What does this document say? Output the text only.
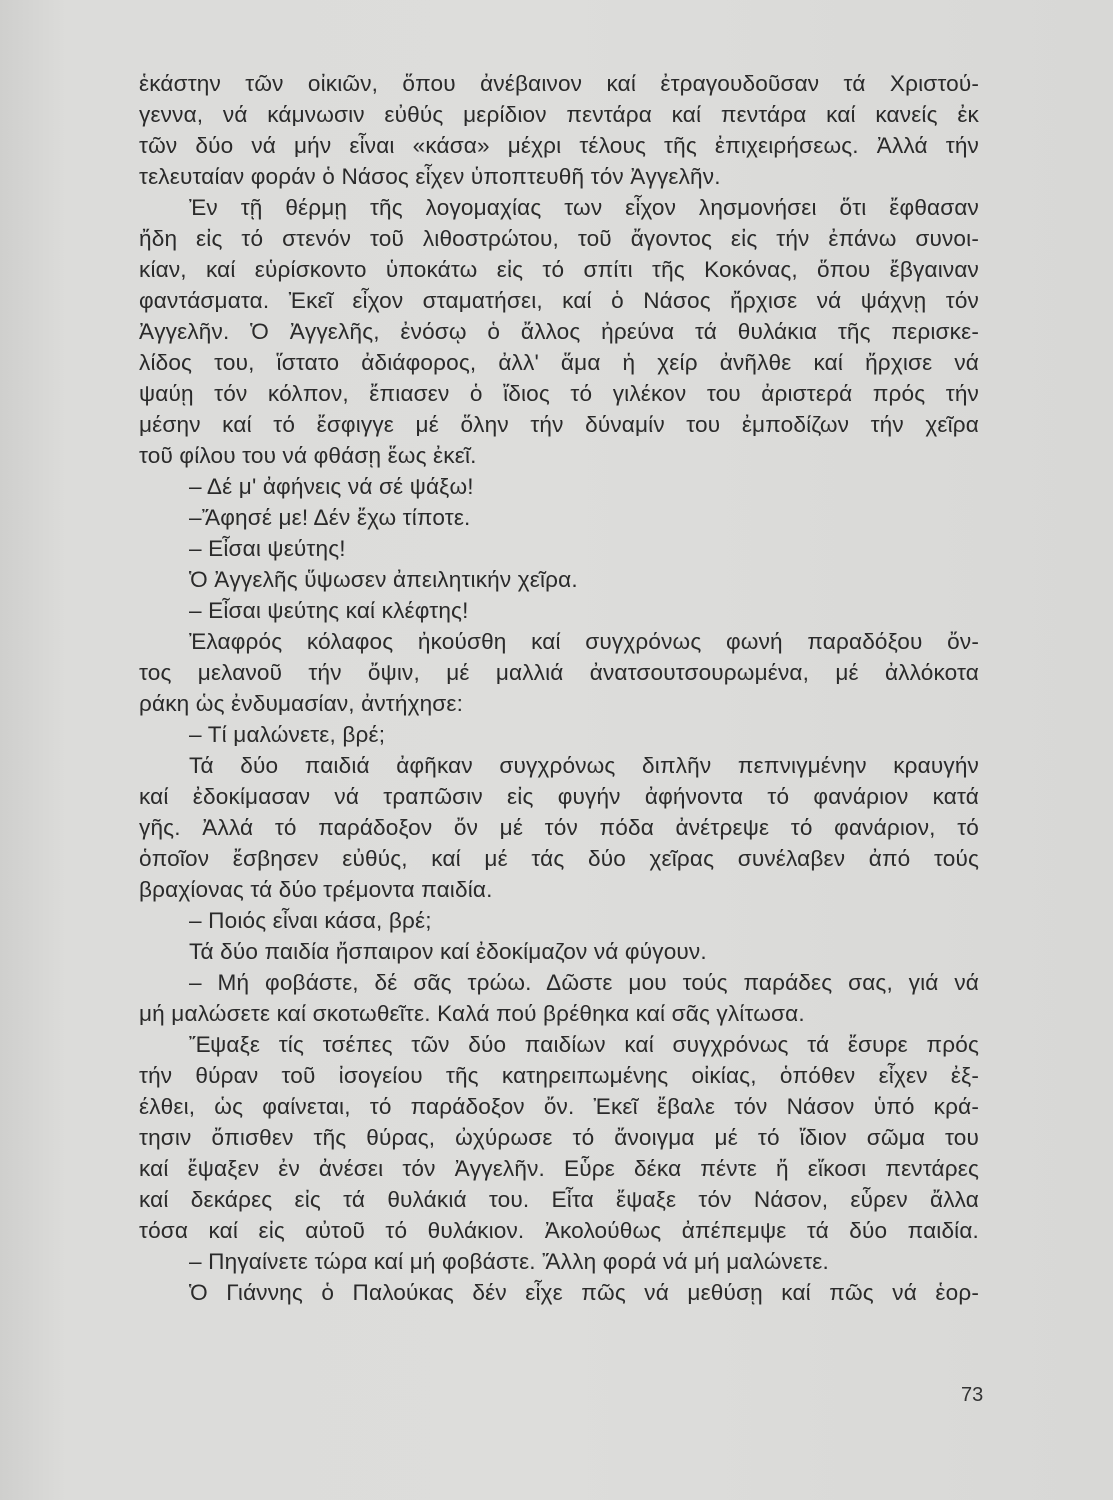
ἑκάστην τῶν οἰκιῶν, ὅπου ἀνέβαινον καί ἐτραγουδοῦσαν τά Χριστού-
γεννα, νά κάμνωσιν εὐθύς μερίδιον πεντάρα καί πεντάρα καί κανείς ἐκ
τῶν δύο νά μήν εἶναι «κάσα» μέχρι τέλους τῆς ἐπιχειρήσεως. Ἀλλά τήν
τελευταίαν φοράν ὁ Νάσος εἶχεν ὑποπτευθῆ τόν Ἀγγελῆν.
Ἐν τῇ θέρμῃ τῆς λογομαχίας των εἶχον λησμονήσει ὅτι ἔφθασαν
ἤδη εἰς τό στενόν τοῦ λιθοστρώτου, τοῦ ἄγοντος εἰς τήν ἐπάνω συνοι-
κίαν, καί εὑρίσκοντο ὑποκάτω εἰς τό σπίτι τῆς Κοκόνας, ὅπου ἔβγαιναν
φαντάσματα. Ἐκεῖ εἶχον σταματήσει, καί ὁ Νάσος ἤρχισε νά ψάχνῃ τόν
Ἀγγελῆν. Ὁ Ἀγγελῆς, ἐνόσῳ ὁ ἄλλος ἠρεύνα τά θυλάκια τῆς περισκε-
λίδος του, ἵστατο ἀδιάφορος, ἀλλ' ἅμα ἡ χείρ ἀνῆλθε καί ἤρχισε νά
ψαύῃ τόν κόλπον, ἔπιασεν ὁ ἴδιος τό γιλέκον του ἀριστερά πρός τήν
μέσην καί τό ἔσφιγγε μέ ὅλην τήν δύναμίν του ἐμποδίζων τήν χεῖρα
τοῦ φίλου του νά φθάσῃ ἕως ἐκεῖ.
– Δέ μ' ἀφήνεις νά σέ ψάξω!
–Ἄφησέ με! Δέν ἔχω τίποτε.
– Εἶσαι ψεύτης!
Ὁ Ἀγγελῆς ὕψωσεν ἀπειλητικήν χεῖρα.
– Εἶσαι ψεύτης καί κλέφτης!
Ἐλαφρός κόλαφος ἠκούσθη καί συγχρόνως φωνή παραδόξου ὄν-
τος μελανοῦ τήν ὄψιν, μέ μαλλιά ἀνατσουτσουρωμένα, μέ ἀλλόκοτα
ράκη ὡς ἐνδυμασίαν, ἀντήχησε:
– Τί μαλώνετε, βρέ;
Τά δύο παιδιά ἀφῆκαν συγχρόνως διπλῆν πεπνιγμένην κραυγήν
καί ἐδοκίμασαν νά τραπῶσιν εἰς φυγήν ἀφήνοντα τό φανάριον κατά
γῆς. Ἀλλά τό παράδοξον ὄν μέ τόν πόδα ἀνέτρεψε τό φανάριον, τό
ὁποῖον ἔσβησεν εὐθύς, καί μέ τάς δύο χεῖρας συνέλαβεν ἀπό τούς
βραχίονας τά δύο τρέμοντα παιδία.
– Ποιός εἶναι κάσα, βρέ;
Τά δύο παιδία ἤσπαιρον καί ἐδοκίμαζον νά φύγουν.
– Μή φοβάστε, δέ σᾶς τρώω. Δῶστε μου τούς παράδες σας, γιά νά
μή μαλώσετε καί σκοτωθεῖτε. Καλά πού βρέθηκα καί σᾶς γλίτωσα.
Ἔψαξε τίς τσέπες τῶν δύο παιδίων καί συγχρόνως τά ἔσυρε πρός
τήν θύραν τοῦ ἰσογείου τῆς κατηρειπωμένης οἰκίας, ὁπόθεν εἶχεν ἐξ-
έλθει, ὡς φαίνεται, τό παράδοξον ὄν. Ἐκεῖ ἔβαλε τόν Νάσον ὑπό κρά-
τησιν ὄπισθεν τῆς θύρας, ὠχύρωσε τό ἄνοιγμα μέ τό ἴδιον σῶμα του
καί ἔψαξεν ἐν ἀνέσει τόν Ἀγγελῆν. Εὗρε δέκα πέντε ἤ εἴκοσι πεντάρες
καί δεκάρες εἰς τά θυλάκιά του. Εἶτα ἔψαξε τόν Νάσον, εὗρεν ἄλλα
τόσα καί εἰς αὐτοῦ τό θυλάκιον. Ἀκολούθως ἀπέπεμψε τά δύο παιδία.
– Πηγαίνετε τώρα καί μή φοβάστε. Ἄλλη φορά νά μή μαλώνετε.
Ὁ Γιάννης ὁ Παλούκας δέν εἶχε πῶς νά μεθύσῃ καί πῶς νά ἑορ-
73
